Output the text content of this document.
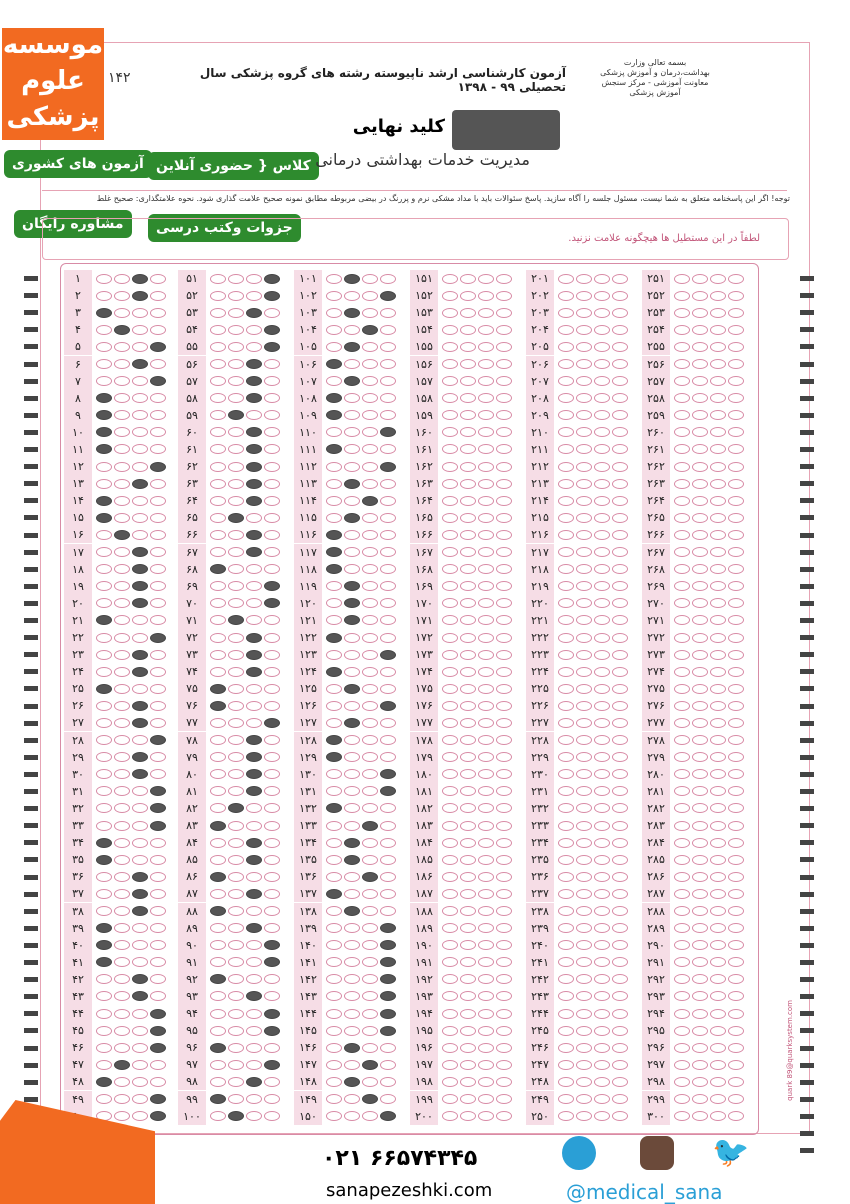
موسسه
علوم
پزشکی
آزمون های کشوری کلاس { حضوری آنلاین
مشاوره رایگان	جزوات وکتب درسی
۱۴۲	آزمون کارشناسی ارشد ناپیوسته رشته های گروه پزشکی سال تحصیلی ۹۹ - ۱۳۹۸
بسمه تعالی وزارت بهداشت،درمان و آموزش پزشکی معاونت آموزشی - مرکز سنجش آموزش پزشکی
کلید نهایی
مدیریت خدمات بهداشتی درمانی
توجه! اگر این پاسخنامه متعلق به شما نیست، مسئول جلسه را آگاه سازید. پاسخ سئوالات باید با مداد مشکی نرم و پررنگ در بیضی مربوطه مطابق نمونه صحیح علامت گذاری شود. نحوه علامتگذاری: صحیح غلط
لطفاً در این مستطیل ها هیچگونه علامت نزنید.
۱
۲
۳
۴
۵
۶
۷
۸
۹
۱۰
۱۱
۱۲
۱۳
۱۴
۱۵
۱۶
۱۷
۱۸
۱۹
۲۰
۲۱
۲۲
۲۳
۲۴
۲۵
۲۶
۲۷
۲۸
۲۹
۳۰
۳۱
۳۲
۳۳
۳۴
۳۵
۳۶
۳۷
۳۸
۳۹
۴۰
۴۱
۴۲
۴۳
۴۴
۴۵
۴۶
۴۷
۴۸
۴۹
۵۱
۵۲
۵۳
۵۴
۵۵
۵۶
۵۷
۵۸
۵۹
۶۰
۶۱
۶۲
۶۳
۶۴
۶۵
۶۶
۶۷
۶۸
۶۹
۷۰
۷۱
۷۲
۷۳
۷۴
۷۵
۷۶
۷۷
۷۸
۷۹
۸۰
۸۱
۸۲
۸۳
۸۴
۸۵
۸۶
۸۷
۸۸
۸۹
۹۰
۹۱
۹۲
۹۳
۹۴
۹۵
۹۶
۹۷
۹۸
۹۹
۱۰۰
۱۰۱
۱۰۲
۱۰۳
۱۰۴
۱۰۵
۱۰۶
۱۰۷
۱۰۸
۱۰۹
۱۱۰
۱۱۱
۱۱۲
۱۱۳
۱۱۴
۱۱۵
۱۱۶
۱۱۷
۱۱۸
۱۱۹
۱۲۰
۱۲۱
۱۲۲
۱۲۳
۱۲۴
۱۲۵
۱۲۶
۱۲۷
۱۲۸
۱۲۹
۱۳۰
۱۳۱
۱۳۲
۱۳۳
۱۳۴
۱۳۵
۱۳۶
۱۳۷
۱۳۸
۱۳۹
۱۴۰
۱۴۱
۱۴۲
۱۴۳
۱۴۴
۱۴۵
۱۴۶
۱۴۷
۱۴۸
۱۴۹
۱۵۰
۱۵۱
۱۵۲
۱۵۳
۱۵۴
۱۵۵
۱۵۶
۱۵۷
۱۵۸
۱۵۹
۱۶۰
۱۶۱
۱۶۲
۱۶۳
۱۶۴
۱۶۵
۱۶۶
۱۶۷
۱۶۸
۱۶۹
۱۷۰
۱۷۱
۱۷۲
۱۷۳
۱۷۴
۱۷۵
۱۷۶
۱۷۷
۱۷۸
۱۷۹
۱۸۰
۱۸۱
۱۸۲
۱۸۳
۱۸۴
۱۸۵
۱۸۶
۱۸۷
۱۸۸
۱۸۹
۱۹۰
۱۹۱
۱۹۲
۱۹۳
۱۹۴
۱۹۵
۱۹۶
۱۹۷
۱۹۸
۱۹۹
۲۰۰
۲۰۱
۲۰۲
۲۰۳
۲۰۴
۲۰۵
۲۰۶
۲۰۷
۲۰۸
۲۰۹
۲۱۰
۲۱۱
۲۱۲
۲۱۳
۲۱۴
۲۱۵
۲۱۶
۲۱۷
۲۱۸
۲۱۹
۲۲۰
۲۲۱
۲۲۲
۲۲۳
۲۲۴
۲۲۵
۲۲۶
۲۲۷
۲۲۸
۲۲۹
۲۳۰
۲۳۱
۲۳۲
۲۳۳
۲۳۴
۲۳۵
۲۳۶
۲۳۷
۲۳۸
۲۳۹
۲۴۰
۲۴۱
۲۴۲
۲۴۳
۲۴۴
۲۴۵
۲۴۶
۲۴۷
۲۴۸
۲۴۹
۲۵۰
۲۵۱
۲۵۲
۲۵۳
۲۵۴
۲۵۵
۲۵۶
۲۵۷
۲۵۸
۲۵۹
۲۶۰
۲۶۱
۲۶۲
۲۶۳
۲۶۴
۲۶۵
۲۶۶
۲۶۷
۲۶۸
۲۶۹
۲۷۰
۲۷۱
۲۷۲
۲۷۳
۲۷۴
۲۷۵
۲۷۶
۲۷۷
۲۷۸
۲۷۹
۲۸۰
۲۸۱
۲۸۲
۲۸۳
۲۸۴
۲۸۵
۲۸۶
۲۸۷
۲۸۸
۲۸۹
۲۹۰
۲۹۱
۲۹۲
۲۹۳
۲۹۴
۲۹۵
۲۹۶
۲۹۷
۲۹۸
۲۹۹
۳۰۰
quark 89@quarksystem.com
۰۲۱ ۶۶۵۷۴۳۴۵
sanapezeshki.com
🐦
@medical_sana
